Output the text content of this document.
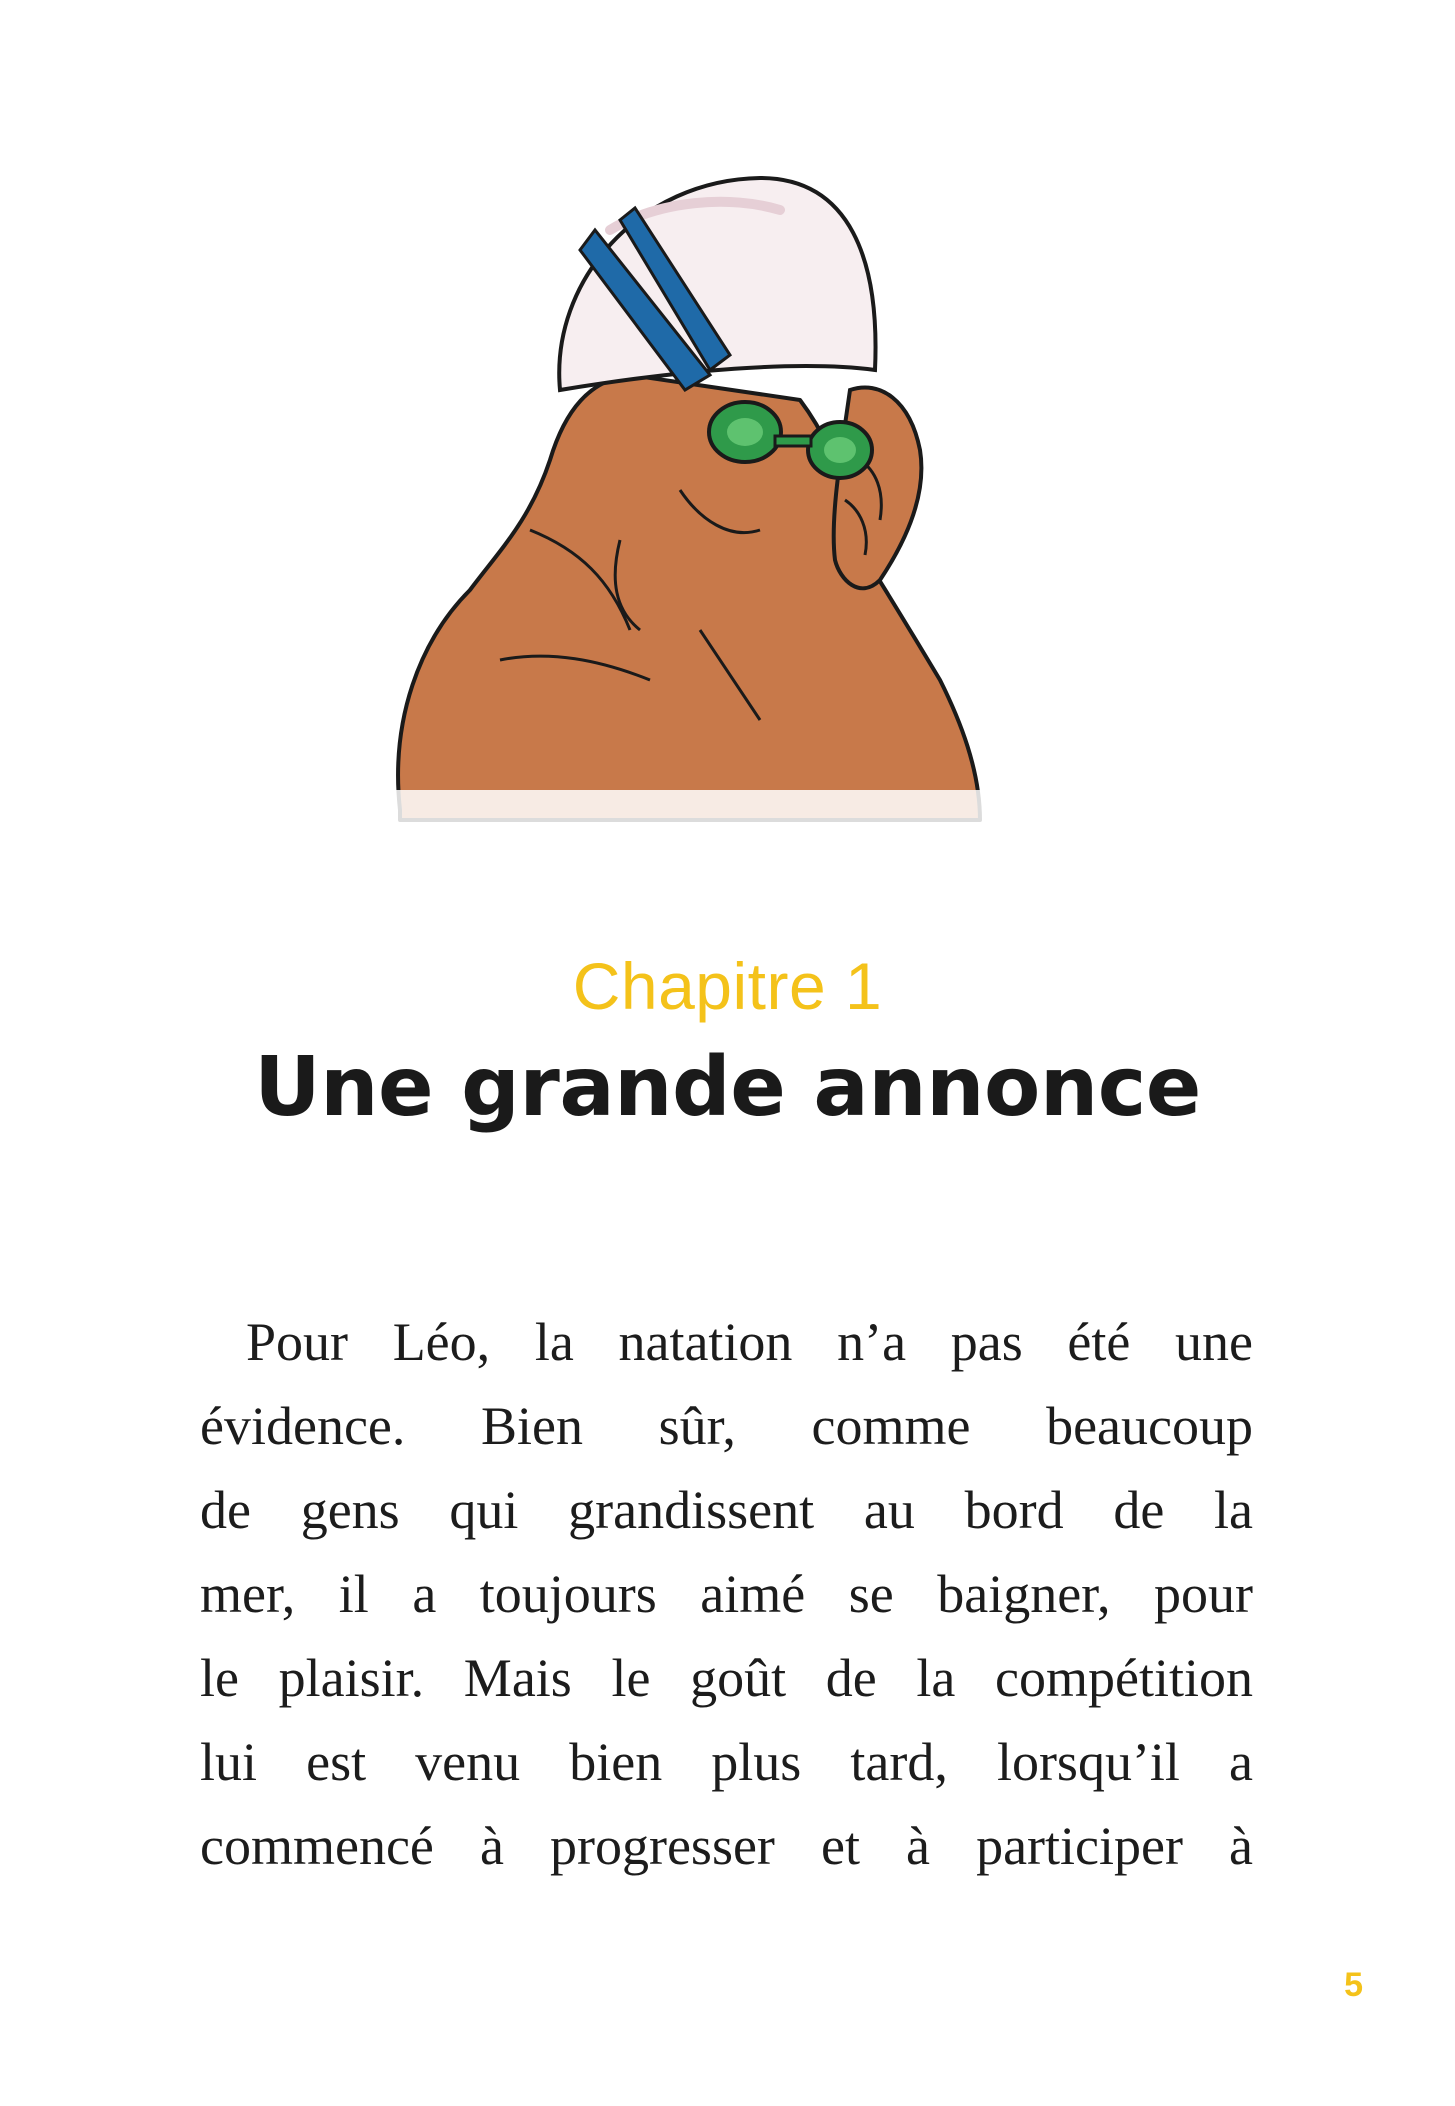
Chapitre 1
Une grande annonce
Pour Léo, la natation n’a pas été une
évidence. Bien sûr, comme beaucoup
de gens qui grandissent au bord de la
mer, il a toujours aimé se baigner, pour
le plaisir. Mais le goût de la compétition
lui est venu bien plus tard, lorsqu’il a
commencé à progresser et à participer à
5
